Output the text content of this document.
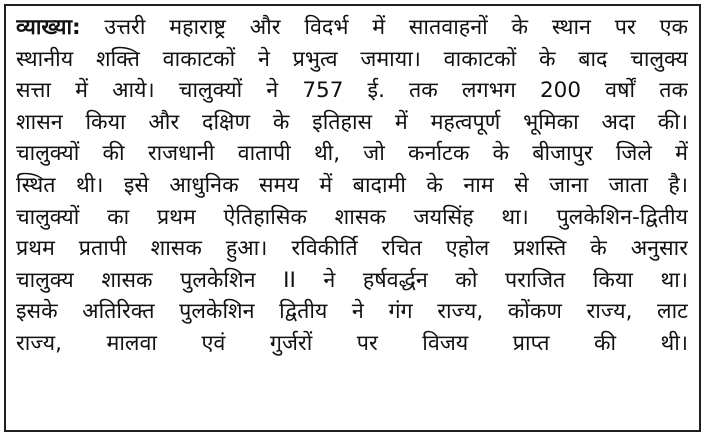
व्याख्या: उत्तरी महाराष्ट्र और विदर्भ में सातवाहनों के स्थान पर एक
स्थानीय शक्ति वाकाटकों ने प्रभुत्व जमाया। वाकाटकों के बाद चालुक्य
सत्ता में आये। चालुक्यों ने 757 ई. तक लगभग 200 वर्षों तक
शासन किया और दक्षिण के इतिहास में महत्वपूर्ण भूमिका अदा की।
चालुक्यों की राजधानी वातापी थी, जो कर्नाटक के बीजापुर जिले में
स्थित थी। इसे आधुनिक समय में बादामी के नाम से जाना जाता है।
चालुक्यों का प्रथम ऐतिहासिक शासक जयसिंह था। पुलकेशिन-द्वितीय
प्रथम प्रतापी शासक हुआ। रविकीर्ति रचित एहोल प्रशस्ति के अनुसार
चालुक्य शासक पुलकेशिन II ने हर्षवर्द्धन को पराजित किया था।
इसके अतिरिक्त पुलकेशिन द्वितीय ने गंग राज्य, कोंकण राज्य, लाट
राज्य, मालवा एवं गुर्जरों पर विजय प्राप्त की थी।
